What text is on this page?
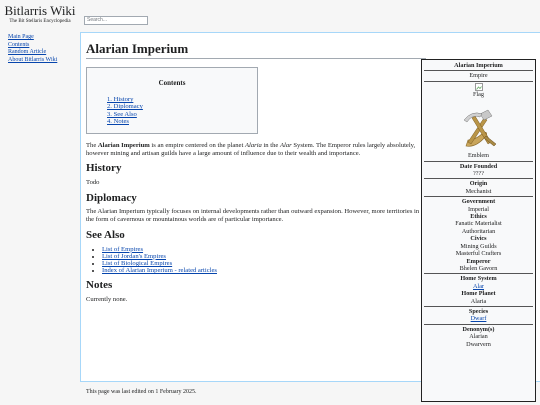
Bitlarris Wiki
The Bit Stellaris Encyclopedia
Main Page
Contents
Random Article
About Bitlarris Wiki
Search...
Alarian Imperium
Contents
1. History
2. Diplomacy
3. See Also
4. Notes

The Alarian Imperium is an empire centered on the planet Alaria in the Alar System. The Emperor rules largely absolutely, however mining and artisan guilds have a large amount of influence due to their wealth and importance.

History

Todo

Diplomacy

The Alarian Imperium typically focuses on internal developments rather than outward expansion. However, more territories in the form of cavernous or mountainous worlds are of particular importance.

See Also
• List of Empires
• List of Jordan's Empires
• List of Biological Empires
• Index of Alarian Imperium - related articles
Notes

Currently none.

This page was last edited on 1 February 2025.
Alarian Imperium
Empire
Flag
Emblem
Date Founded
????
Origin
Mechanist
Government
Imperial
Ethics
Fanatic Materialist
Authoritarian
Civics
Mining Guilds
Masterful Crafters
Emperor
Bhelen Gavorn
Home System
Alar
Home Planet
Alaria
Species
Dwarf
Denonym(s)
Alarian
Dwarvern
